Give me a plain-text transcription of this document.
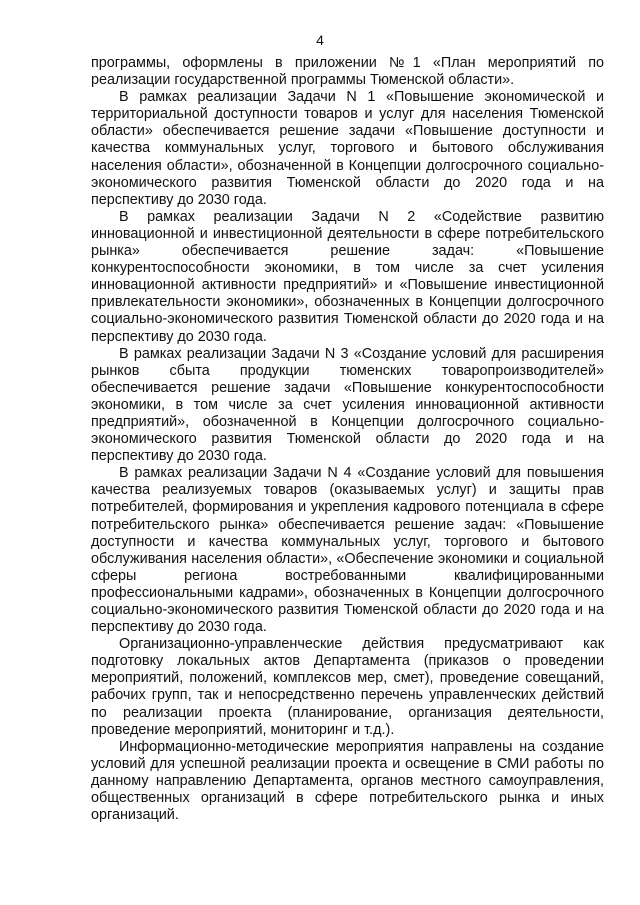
4

программы, оформлены в приложении №1 «План мероприятий по реализации государственной программы Тюменской области».

В рамках реализации Задачи N 1 «Повышение экономической и территориальной доступности товаров и услуг для населения Тюменской области» обеспечивается решение задачи «Повышение доступности и качества коммунальных услуг, торгового и бытового обслуживания населения области», обозначенной в Концепции долгосрочного социально-экономического развития Тюменской области до 2020 года и на перспективу до 2030 года.

В рамках реализации Задачи N 2 «Содействие развитию инновационной и инвестиционной деятельности в сфере потребительского рынка» обеспечивается решение задач: «Повышение конкурентоспособности экономики, в том числе за счет усиления инновационной активности предприятий» и «Повышение инвестиционной привлекательности экономики», обозначенных в Концепции долгосрочного социально-экономического развития Тюменской области до 2020 года и на перспективу до 2030 года.

В рамках реализации Задачи N 3 «Создание условий для расширения рынков сбыта продукции тюменских товаропроизводителей» обеспечивается решение задачи «Повышение конкурентоспособности экономики, в том числе за счет усиления инновационной активности предприятий», обозначенной в Концепции долгосрочного социально-экономического развития Тюменской области до 2020 года и на перспективу до 2030 года.

В рамках реализации Задачи N 4 «Создание условий для повышения качества реализуемых товаров (оказываемых услуг) и защиты прав потребителей, формирования и укрепления кадрового потенциала в сфере потребительского рынка» обеспечивается решение задач: «Повышение доступности и качества коммунальных услуг, торгового и бытового обслуживания населения области», «Обеспечение экономики и социальной сферы региона востребованными квалифицированными профессиональными кадрами», обозначенных в Концепции долгосрочного социально-экономического развития Тюменской области до 2020 года и на перспективу до 2030 года.

Организационно-управленческие действия предусматривают как подготовку локальных актов Департамента (приказов о проведении мероприятий, положений, комплексов мер, смет), проведение совещаний, рабочих групп, так и непосредственно перечень управленческих действий по реализации проекта (планирование, организация деятельности, проведение мероприятий, мониторинг и т.д.).

Информационно-методические мероприятия направлены на создание условий для успешной реализации проекта и освещение в СМИ работы по данному направлению Департамента, органов местного самоуправления, общественных организаций в сфере потребительского рынка и иных организаций.
